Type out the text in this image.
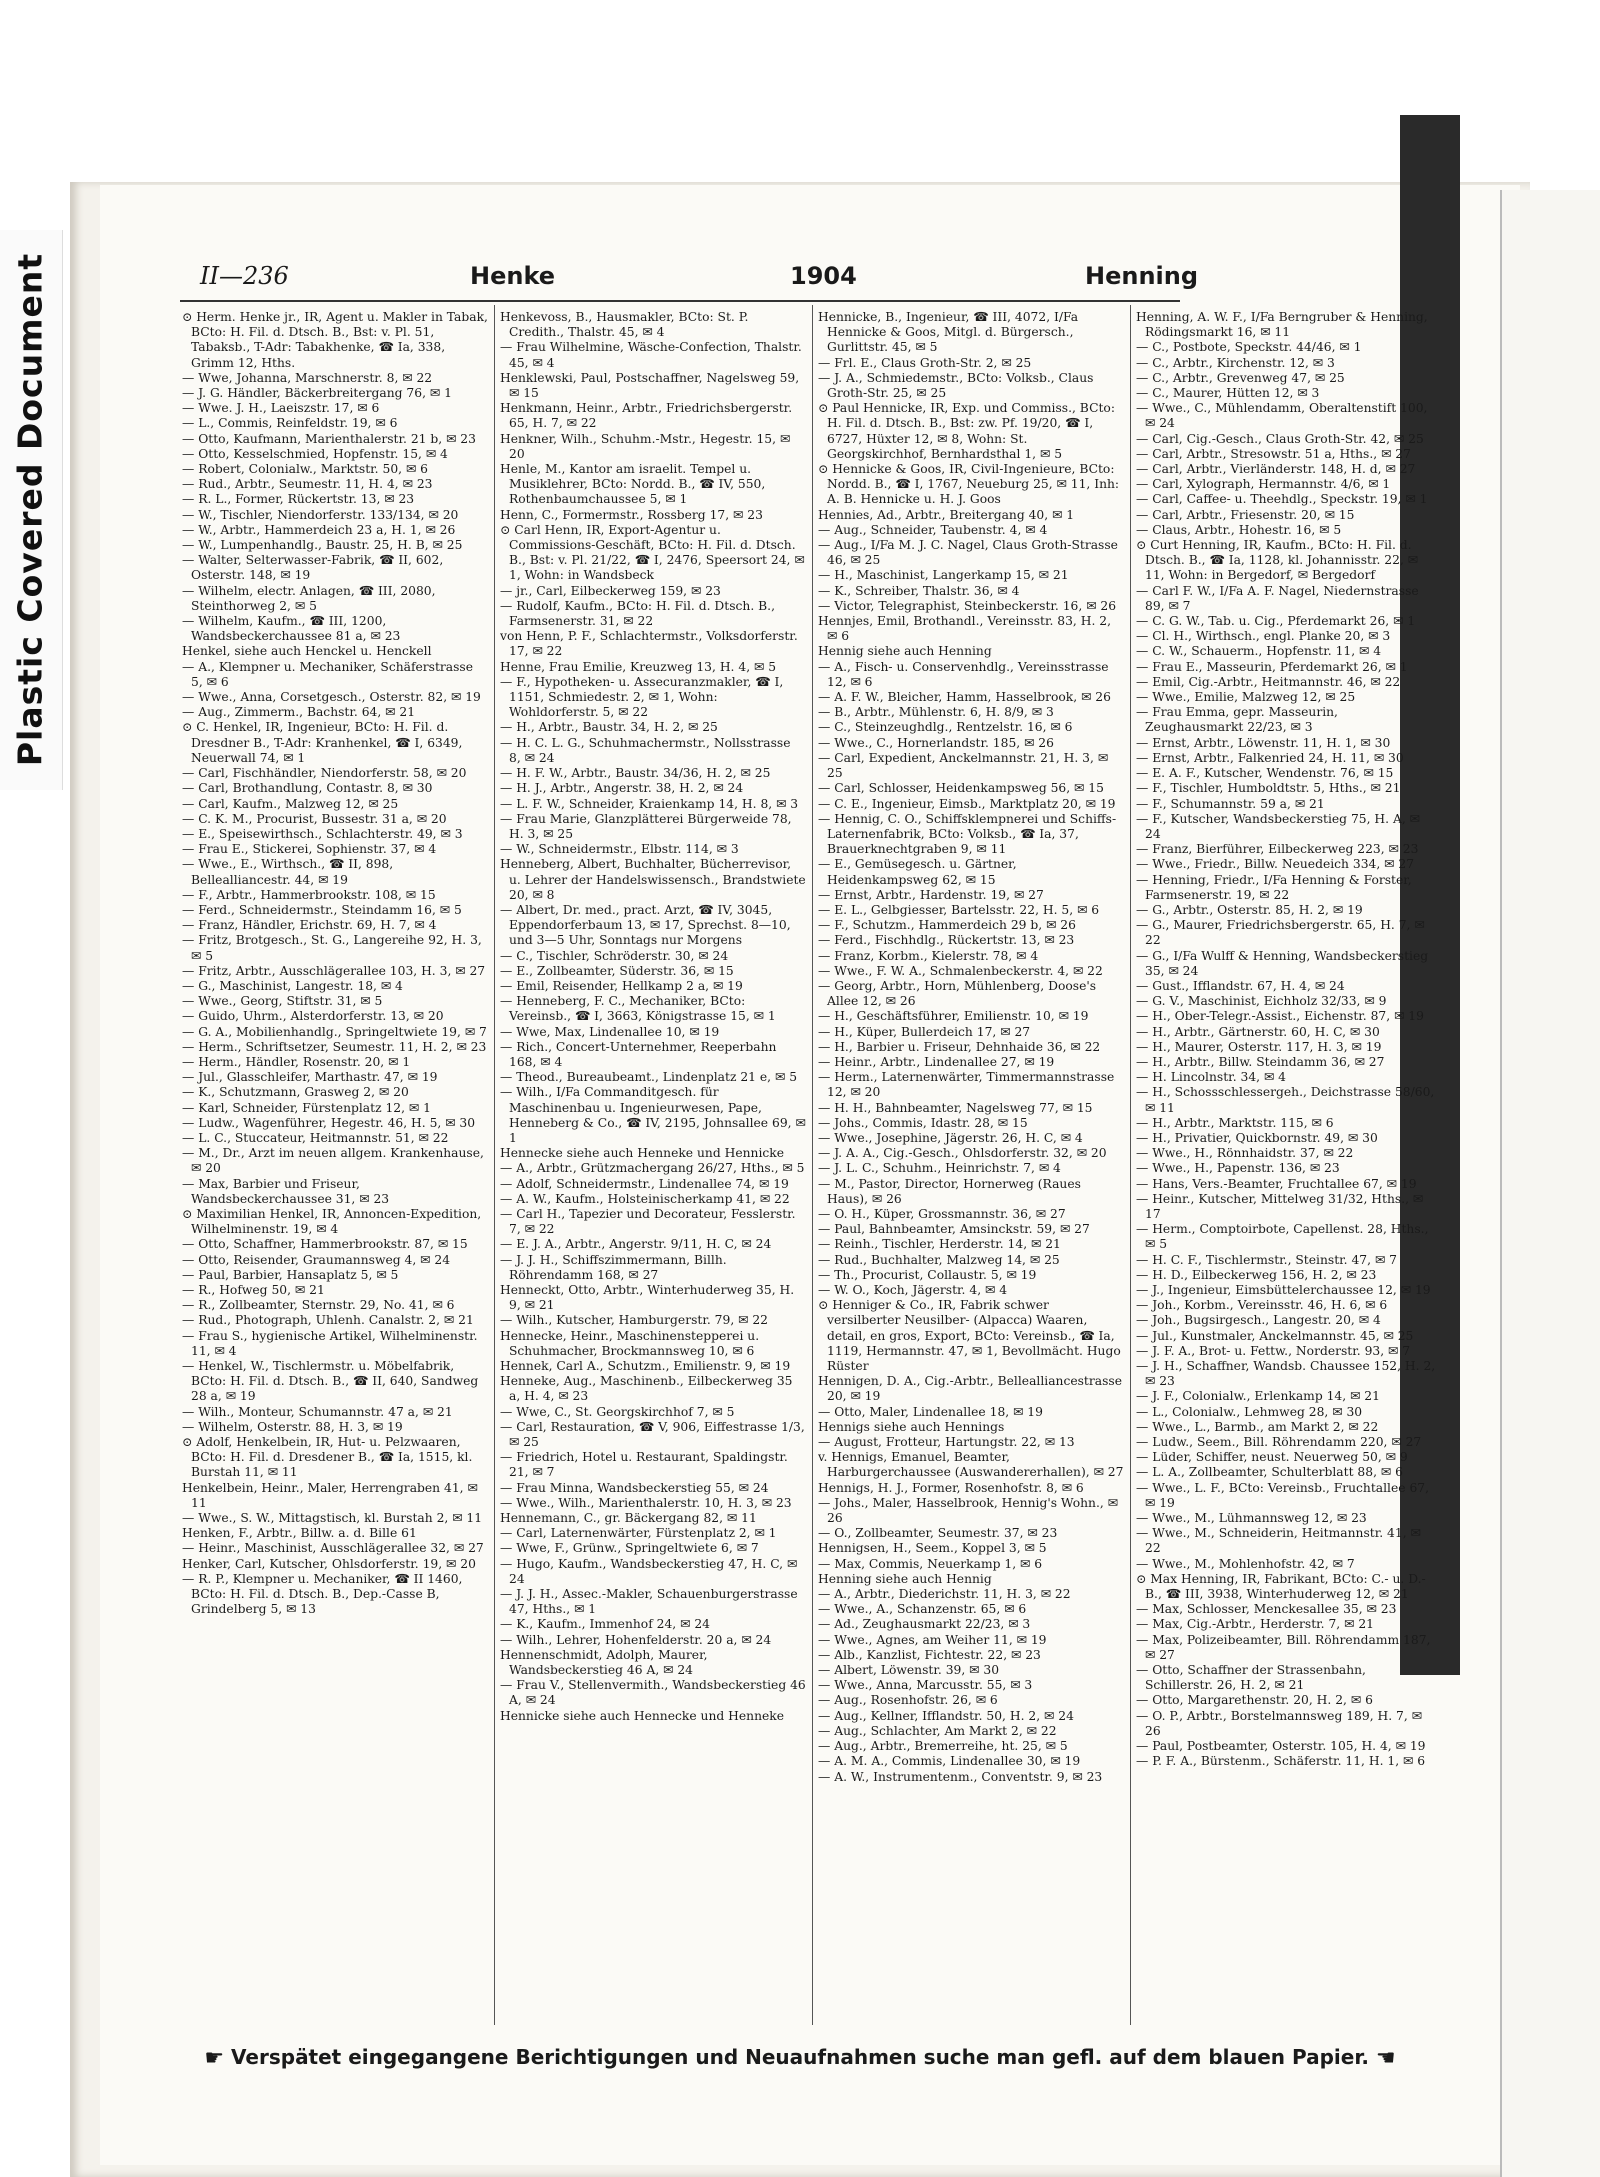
Plastic Covered Document	II—236	Henke	1904	Henning

⊙ Herm. Henke jr., IR, Agent u. Makler in Tabak, BCto: H. Fil. d. Dtsch. B., Bst: v. Pl. 51, Tabaksb., T-Adr: Tabakhenke, ☎ Ia, 338, Grimm 12, Hths.

— Wwe, Johanna, Marschnerstr. 8, ✉ 22

— J. G. Händler, Bäckerbreitergang 76, ✉ 1

— Wwe. J. H., Laeiszstr. 17, ✉ 6

— L., Commis, Reinfeldstr. 19, ✉ 6

— Otto, Kaufmann, Marienthalerstr. 21 b, ✉ 23

— Otto, Kesselschmied, Hopfenstr. 15, ✉ 4

— Robert, Colonialw., Marktstr. 50, ✉ 6

— Rud., Arbtr., Seumestr. 11, H. 4, ✉ 23

— R. L., Former, Rückertstr. 13, ✉ 23

— W., Tischler, Niendorferstr. 133/134, ✉ 20

— W., Arbtr., Hammerdeich 23 a, H. 1, ✉ 26

— W., Lumpenhandlg., Baustr. 25, H. B, ✉ 25

— Walter, Selterwasser-Fabrik, ☎ II, 602, Osterstr. 148, ✉ 19

— Wilhelm, electr. Anlagen, ☎ III, 2080, Steinthorweg 2, ✉ 5

— Wilhelm, Kaufm., ☎ III, 1200, Wandsbeckerchaussee 81 a, ✉ 23

Henkel, siehe auch Henckel u. Henckell

— A., Klempner u. Mechaniker, Schäferstrasse 5, ✉ 6

— Wwe., Anna, Corsetgesch., Osterstr. 82, ✉ 19

— Aug., Zimmerm., Bachstr. 64, ✉ 21

⊙ C. Henkel, IR, Ingenieur, BCto: H. Fil. d. Dresdner B., T-Adr: Kranhenkel, ☎ I, 6349, Neuerwall 74, ✉ 1

— Carl, Fischhändler, Niendorferstr. 58, ✉ 20

— Carl, Brothandlung, Contastr. 8, ✉ 30

— Carl, Kaufm., Malzweg 12, ✉ 25

— C. K. M., Procurist, Bussestr. 31 a, ✉ 20

— E., Speisewirthsch., Schlachterstr. 49, ✉ 3

— Frau E., Stickerei, Sophienstr. 37, ✉ 4

— Wwe., E., Wirthsch., ☎ II, 898, Bellealliancestr. 44, ✉ 19

— F., Arbtr., Hammerbrookstr. 108, ✉ 15

— Ferd., Schneidermstr., Steindamm 16, ✉ 5

— Franz, Händler, Erichstr. 69, H. 7, ✉ 4

— Fritz, Brotgesch., St. G., Langereihe 92, H. 3, ✉ 5

— Fritz, Arbtr., Ausschlägerallee 103, H. 3, ✉ 27

— G., Maschinist, Langestr. 18, ✉ 4

— Wwe., Georg, Stiftstr. 31, ✉ 5

— Guido, Uhrm., Alsterdorferstr. 13, ✉ 20

— G. A., Mobilienhandlg., Springeltwiete 19, ✉ 7

— Herm., Schriftsetzer, Seumestr. 11, H. 2, ✉ 23

— Herm., Händler, Rosenstr. 20, ✉ 1

— Jul., Glasschleifer, Marthastr. 47, ✉ 19

— K., Schutzmann, Grasweg 2, ✉ 20

— Karl, Schneider, Fürstenplatz 12, ✉ 1

— Ludw., Wagenführer, Hegestr. 46, H. 5, ✉ 30

— L. C., Stuccateur, Heitmannstr. 51, ✉ 22

— M., Dr., Arzt im neuen allgem. Krankenhause, ✉ 20

— Max, Barbier und Friseur, Wandsbeckerchaussee 31, ✉ 23

⊙ Maximilian Henkel, IR, Annoncen-Expedition, Wilhelminenstr. 19, ✉ 4

— Otto, Schaffner, Hammerbrookstr. 87, ✉ 15

— Otto, Reisender, Graumannsweg 4, ✉ 24

— Paul, Barbier, Hansaplatz 5, ✉ 5

— R., Hofweg 50, ✉ 21

— R., Zollbeamter, Sternstr. 29, No. 41, ✉ 6

— Rud., Photograph, Uhlenh. Canalstr. 2, ✉ 21

— Frau S., hygienische Artikel, Wilhelminenstr. 11, ✉ 4

— Henkel, W., Tischlermstr. u. Möbelfabrik, BCto: H. Fil. d. Dtsch. B., ☎ II, 640, Sandweg 28 a, ✉ 19

— Wilh., Monteur, Schumannstr. 47 a, ✉ 21

— Wilhelm, Osterstr. 88, H. 3, ✉ 19

⊙ Adolf, Henkelbein, IR, Hut- u. Pelzwaaren, BCto: H. Fil. d. Dresdener B., ☎ Ia, 1515, kl. Burstah 11, ✉ 11

Henkelbein, Heinr., Maler, Herrengraben 41, ✉ 11

— Wwe., S. W., Mittagstisch, kl. Burstah 2, ✉ 11

Henken, F., Arbtr., Billw. a. d. Bille 61

— Heinr., Maschinist, Ausschlägerallee 32, ✉ 27

Henker, Carl, Kutscher, Ohlsdorferstr. 19, ✉ 20

— R. P., Klempner u. Mechaniker, ☎ II 1460, BCto: H. Fil. d. Dtsch. B., Dep.-Casse B, Grindelberg 5, ✉ 13

Henkevoss, B., Hausmakler, BCto: St. P. Credith., Thalstr. 45, ✉ 4

— Frau Wilhelmine, Wäsche-Confection, Thalstr. 45, ✉ 4

Henklewski, Paul, Postschaffner, Nagelsweg 59, ✉ 15

Henkmann, Heinr., Arbtr., Friedrichsbergerstr. 65, H. 7, ✉ 22

Henkner, Wilh., Schuhm.-Mstr., Hegestr. 15, ✉ 20

Henle, M., Kantor am israelit. Tempel u. Musiklehrer, BCto: Nordd. B., ☎ IV, 550, Rothenbaumchaussee 5, ✉ 1

Henn, C., Formermstr., Rossberg 17, ✉ 23

⊙ Carl Henn, IR, Export-Agentur u. Commissions-Geschäft, BCto: H. Fil. d. Dtsch. B., Bst: v. Pl. 21/22, ☎ I, 2476, Speersort 24, ✉ 1, Wohn: in Wandsbeck

— jr., Carl, Eilbeckerweg 159, ✉ 23

— Rudolf, Kaufm., BCto: H. Fil. d. Dtsch. B., Farmsenerstr. 31, ✉ 22

von Henn, P. F., Schlachtermstr., Volksdorferstr. 17, ✉ 22

Henne, Frau Emilie, Kreuzweg 13, H. 4, ✉ 5

— F., Hypotheken- u. Assecuranzmakler, ☎ I, 1151, Schmiedestr. 2, ✉ 1, Wohn: Wohldorferstr. 5, ✉ 22

— H., Arbtr., Baustr. 34, H. 2, ✉ 25

— H. C. L. G., Schuhmachermstr., Nollsstrasse 8, ✉ 24

— H. F. W., Arbtr., Baustr. 34/36, H. 2, ✉ 25

— H. J., Arbtr., Angerstr. 38, H. 2, ✉ 24

— L. F. W., Schneider, Kraienkamp 14, H. 8, ✉ 3

— Frau Marie, Glanzplätterei Bürgerweide 78, H. 3, ✉ 25

— W., Schneidermstr., Elbstr. 114, ✉ 3

Henneberg, Albert, Buchhalter, Bücherrevisor, u. Lehrer der Handelswissensch., Brandstwiete 20, ✉ 8

— Albert, Dr. med., pract. Arzt, ☎ IV, 3045, Eppendorferbaum 13, ✉ 17, Sprechst. 8—10, und 3—5 Uhr, Sonntags nur Morgens

— C., Tischler, Schröderstr. 30, ✉ 24

— E., Zollbeamter, Süderstr. 36, ✉ 15

— Emil, Reisender, Hellkamp 2 a, ✉ 19

— Henneberg, F. C., Mechaniker, BCto: Vereinsb., ☎ I, 3663, Königstrasse 15, ✉ 1

— Wwe, Max, Lindenallee 10, ✉ 19

— Rich., Concert-Unternehmer, Reeperbahn 168, ✉ 4

— Theod., Bureaubeamt., Lindenplatz 21 e, ✉ 5

— Wilh., I/Fa Commanditgesch. für Maschinenbau u. Ingenieurwesen, Pape, Henneberg & Co., ☎ IV, 2195, Johnsallee 69, ✉ 1

Hennecke siehe auch Henneke und Hennicke

— A., Arbtr., Grützmachergang 26/27, Hths., ✉ 5

— Adolf, Schneidermstr., Lindenallee 74, ✉ 19

— A. W., Kaufm., Holsteinischerkamp 41, ✉ 22

— Carl H., Tapezier und Decorateur, Fesslerstr. 7, ✉ 22

— E. J. A., Arbtr., Angerstr. 9/11, H. C, ✉ 24

— J. J. H., Schiffszimmermann, Billh. Röhrendamm 168, ✉ 27

Henneckt, Otto, Arbtr., Winterhuderweg 35, H. 9, ✉ 21

— Wilh., Kutscher, Hamburgerstr. 79, ✉ 22

Hennecke, Heinr., Maschinenstepperei u. Schuhmacher, Brockmannsweg 10, ✉ 6

Hennek, Carl A., Schutzm., Emilienstr. 9, ✉ 19

Henneke, Aug., Maschinenb., Eilbeckerweg 35 a, H. 4, ✉ 23

— Wwe, C., St. Georgskirchhof 7, ✉ 5

— Carl, Restauration, ☎ V, 906, Eiffestrasse 1/3, ✉ 25

— Friedrich, Hotel u. Restaurant, Spaldingstr. 21, ✉ 7

— Frau Minna, Wandsbeckerstieg 55, ✉ 24

— Wwe., Wilh., Marienthalerstr. 10, H. 3, ✉ 23

Hennemann, C., gr. Bäckergang 82, ✉ 11

— Carl, Laternenwärter, Fürstenplatz 2, ✉ 1

— Wwe, F., Grünw., Springeltwiete 6, ✉ 7

— Hugo, Kaufm., Wandsbeckerstieg 47, H. C, ✉ 24

— J. J. H., Assec.-Makler, Schauenburgerstrasse 47, Hths., ✉ 1

— K., Kaufm., Immenhof 24, ✉ 24

— Wilh., Lehrer, Hohenfelderstr. 20 a, ✉ 24

Hennenschmidt, Adolph, Maurer, Wandsbeckerstieg 46 A, ✉ 24

— Frau V., Stellenvermith., Wandsbeckerstieg 46 A, ✉ 24

Hennicke siehe auch Hennecke und Henneke

Hennicke, B., Ingenieur, ☎ III, 4072, I/Fa Hennicke & Goos, Mitgl. d. Bürgersch., Gurlittstr. 45, ✉ 5

— Frl. E., Claus Groth-Str. 2, ✉ 25

— J. A., Schmiedemstr., BCto: Volksb., Claus Groth-Str. 25, ✉ 25

⊙ Paul Hennicke, IR, Exp. und Commiss., BCto: H. Fil. d. Dtsch. B., Bst: zw. Pf. 19/20, ☎ I, 6727, Hüxter 12, ✉ 8, Wohn: St. Georgskirchhof, Bernhardsthal 1, ✉ 5

⊙ Hennicke & Goos, IR, Civil-Ingenieure, BCto: Nordd. B., ☎ I, 1767, Neueburg 25, ✉ 11, Inh: A. B. Hennicke u. H. J. Goos

Hennies, Ad., Arbtr., Breitergang 40, ✉ 1

— Aug., Schneider, Taubenstr. 4, ✉ 4

— Aug., I/Fa M. J. C. Nagel, Claus Groth-Strasse 46, ✉ 25

— H., Maschinist, Langerkamp 15, ✉ 21

— K., Schreiber, Thalstr. 36, ✉ 4

— Victor, Telegraphist, Steinbeckerstr. 16, ✉ 26

Hennjes, Emil, Brothandl., Vereinsstr. 83, H. 2, ✉ 6

Hennig siehe auch Henning

— A., Fisch- u. Conservenhdlg., Vereinsstrasse 12, ✉ 6

— A. F. W., Bleicher, Hamm, Hasselbrook, ✉ 26

— B., Arbtr., Mühlenstr. 6, H. 8/9, ✉ 3

— C., Steinzeughdlg., Rentzelstr. 16, ✉ 6

— Wwe., C., Hornerlandstr. 185, ✉ 26

— Carl, Expedient, Anckelmannstr. 21, H. 3, ✉ 25

— Carl, Schlosser, Heidenkampsweg 56, ✉ 15

— C. E., Ingenieur, Eimsb., Marktplatz 20, ✉ 19

— Hennig, C. O., Schiffsklempnerei und Schiffs-Laternenfabrik, BCto: Volksb., ☎ Ia, 37, Brauerknechtgraben 9, ✉ 11

— E., Gemüsegesch. u. Gärtner, Heidenkampsweg 62, ✉ 15

— Ernst, Arbtr., Hardenstr. 19, ✉ 27

— E. L., Gelbgiesser, Bartelsstr. 22, H. 5, ✉ 6

— F., Schutzm., Hammerdeich 29 b, ✉ 26

— Ferd., Fischhdlg., Rückertstr. 13, ✉ 23

— Franz, Korbm., Kielerstr. 78, ✉ 4

— Wwe., F. W. A., Schmalenbeckerstr. 4, ✉ 22

— Georg, Arbtr., Horn, Mühlenberg, Doose's Allee 12, ✉ 26

— H., Geschäftsführer, Emilienstr. 10, ✉ 19

— H., Küper, Bullerdeich 17, ✉ 27

— H., Barbier u. Friseur, Dehnhaide 36, ✉ 22

— Heinr., Arbtr., Lindenallee 27, ✉ 19

— Herm., Laternenwärter, Timmermannstrasse 12, ✉ 20

— H. H., Bahnbeamter, Nagelsweg 77, ✉ 15

— Johs., Commis, Idastr. 28, ✉ 15

— Wwe., Josephine, Jägerstr. 26, H. C, ✉ 4

— J. A. A., Cig.-Gesch., Ohlsdorferstr. 32, ✉ 20

— J. L. C., Schuhm., Heinrichstr. 7, ✉ 4

— M., Pastor, Director, Hornerweg (Raues Haus), ✉ 26

— O. H., Küper, Grossmannstr. 36, ✉ 27

— Paul, Bahnbeamter, Amsinckstr. 59, ✉ 27

— Reinh., Tischler, Herderstr. 14, ✉ 21

— Rud., Buchhalter, Malzweg 14, ✉ 25

— Th., Procurist, Collaustr. 5, ✉ 19

— W. O., Koch, Jägerstr. 4, ✉ 4

⊙ Henniger & Co., IR, Fabrik schwer versilberter Neusilber- (Alpacca) Waaren, detail, en gros, Export, BCto: Vereinsb., ☎ Ia, 1119, Hermannstr. 47, ✉ 1, Bevollmächt. Hugo Rüster

Hennigen, D. A., Cig.-Arbtr., Bellealliancestrasse 20, ✉ 19

— Otto, Maler, Lindenallee 18, ✉ 19

Hennigs siehe auch Hennings

— August, Frotteur, Hartungstr. 22, ✉ 13

v. Hennigs, Emanuel, Beamter, Harburgerchaussee (Auswandererhallen), ✉ 27

Hennigs, H. J., Former, Rosenhofstr. 8, ✉ 6

— Johs., Maler, Hasselbrook, Hennig's Wohn., ✉ 26

— O., Zollbeamter, Seumestr. 37, ✉ 23

Hennigsen, H., Seem., Koppel 3, ✉ 5

— Max, Commis, Neuerkamp 1, ✉ 6

Henning siehe auch Hennig

— A., Arbtr., Diederichstr. 11, H. 3, ✉ 22

— Wwe., A., Schanzenstr. 65, ✉ 6

— Ad., Zeughausmarkt 22/23, ✉ 3

— Wwe., Agnes, am Weiher 11, ✉ 19

— Alb., Kanzlist, Fichtestr. 22, ✉ 23

— Albert, Löwenstr. 39, ✉ 30

— Wwe., Anna, Marcusstr. 55, ✉ 3

— Aug., Rosenhofstr. 26, ✉ 6

— Aug., Kellner, Ifflandstr. 50, H. 2, ✉ 24

— Aug., Schlachter, Am Markt 2, ✉ 22

— Aug., Arbtr., Bremerreihe, ht. 25, ✉ 5

— A. M. A., Commis, Lindenallee 30, ✉ 19

— A. W., Instrumentenm., Conventstr. 9, ✉ 23

Henning, A. W. F., I/Fa Berngruber & Henning, Rödingsmarkt 16, ✉ 11

— C., Postbote, Speckstr. 44/46, ✉ 1

— C., Arbtr., Kirchenstr. 12, ✉ 3

— C., Arbtr., Grevenweg 47, ✉ 25

— C., Maurer, Hütten 12, ✉ 3

— Wwe., C., Mühlendamm, Oberaltenstift 100, ✉ 24

— Carl, Cig.-Gesch., Claus Groth-Str. 42, ✉ 25

— Carl, Arbtr., Stresowstr. 51 a, Hths., ✉ 27

— Carl, Arbtr., Vierländerstr. 148, H. d, ✉ 27

— Carl, Xylograph, Hermannstr. 4/6, ✉ 1

— Carl, Caffee- u. Theehdlg., Speckstr. 19, ✉ 1

— Carl, Arbtr., Friesenstr. 20, ✉ 15

— Claus, Arbtr., Hohestr. 16, ✉ 5

⊙ Curt Henning, IR, Kaufm., BCto: H. Fil. d. Dtsch. B., ☎ Ia, 1128, kl. Johannisstr. 22, ✉ 11, Wohn: in Bergedorf, ✉ Bergedorf

— Carl F. W., I/Fa A. F. Nagel, Niedernstrasse 89, ✉ 7

— C. G. W., Tab. u. Cig., Pferdemarkt 26, ✉ 1

— Cl. H., Wirthsch., engl. Planke 20, ✉ 3

— C. W., Schauerm., Hopfenstr. 11, ✉ 4

— Frau E., Masseurin, Pferdemarkt 26, ✉ 1

— Emil, Cig.-Arbtr., Heitmannstr. 46, ✉ 22

— Wwe., Emilie, Malzweg 12, ✉ 25

— Frau Emma, gepr. Masseurin, Zeughausmarkt 22/23, ✉ 3

— Ernst, Arbtr., Löwenstr. 11, H. 1, ✉ 30

— Ernst, Arbtr., Falkenried 24, H. 11, ✉ 30

— E. A. F., Kutscher, Wendenstr. 76, ✉ 15

— F., Tischler, Humboldtstr. 5, Hths., ✉ 21

— F., Schumannstr. 59 a, ✉ 21

— F., Kutscher, Wandsbeckerstieg 75, H. A, ✉ 24

— Franz, Bierführer, Eilbeckerweg 223, ✉ 23

— Wwe., Friedr., Billw. Neuedeich 334, ✉ 27

— Henning, Friedr., I/Fa Henning & Forster, Farmsenerstr. 19, ✉ 22

— G., Arbtr., Osterstr. 85, H. 2, ✉ 19

— G., Maurer, Friedrichsbergerstr. 65, H. 7, ✉ 22

— G., I/Fa Wulff & Henning, Wandsbeckerstieg 35, ✉ 24

— Gust., Ifflandstr. 67, H. 4, ✉ 24

— G. V., Maschinist, Eichholz 32/33, ✉ 9

— H., Ober-Telegr.-Assist., Eichenstr. 87, ✉ 19

— H., Arbtr., Gärtnerstr. 60, H. C, ✉ 30

— H., Maurer, Osterstr. 117, H. 3, ✉ 19

— H., Arbtr., Billw. Steindamm 36, ✉ 27

— H. Lincolnstr. 34, ✉ 4

— H., Schossschlessergeh., Deichstrasse 58/60, ✉ 11

— H., Arbtr., Marktstr. 115, ✉ 6

— H., Privatier, Quickbornstr. 49, ✉ 30

— Wwe., H., Rönnhaidstr. 37, ✉ 22

— Wwe., H., Papenstr. 136, ✉ 23

— Hans, Vers.-Beamter, Fruchtallee 67, ✉ 19

— Heinr., Kutscher, Mittelweg 31/32, Hths., ✉ 17

— Herm., Comptoirbote, Capellenst. 28, Hths., ✉ 5

— H. C. F., Tischlermstr., Steinstr. 47, ✉ 7

— H. D., Eilbeckerweg 156, H. 2, ✉ 23

— J., Ingenieur, Eimsbüttelerchaussee 12, ✉ 19

— Joh., Korbm., Vereinsstr. 46, H. 6, ✉ 6

— Joh., Bugsirgesch., Langestr. 20, ✉ 4

— Jul., Kunstmaler, Anckelmannstr. 45, ✉ 25

— J. F. A., Brot- u. Fettw., Norderstr. 93, ✉ 7

— J. H., Schaffner, Wandsb. Chaussee 152, H. 2, ✉ 23

— J. F., Colonialw., Erlenkamp 14, ✉ 21

— L., Colonialw., Lehmweg 28, ✉ 30

— Wwe., L., Barmb., am Markt 2, ✉ 22

— Ludw., Seem., Bill. Röhrendamm 220, ✉ 27

— Lüder, Schiffer, neust. Neuerweg 50, ✉ 9

— L. A., Zollbeamter, Schulterblatt 88, ✉ 6

— Wwe., L. F., BCto: Vereinsb., Fruchtallee 67, ✉ 19

— Wwe., M., Lühmannsweg 12, ✉ 23

— Wwe., M., Schneiderin, Heitmannstr. 41, ✉ 22

— Wwe., M., Mohlenhofstr. 42, ✉ 7

⊙ Max Henning, IR, Fabrikant, BCto: C.- u. D.-B., ☎ III, 3938, Winterhuderweg 12, ✉ 21

— Max, Schlosser, Menckesallee 35, ✉ 23

— Max, Cig.-Arbtr., Herderstr. 7, ✉ 21

— Max, Polizeibeamter, Bill. Röhrendamm 187, ✉ 27

— Otto, Schaffner der Strassenbahn, Schillerstr. 26, H. 2, ✉ 21

— Otto, Margarethenstr. 20, H. 2, ✉ 6

— O. P., Arbtr., Borstelmannsweg 189, H. 7, ✉ 26

— Paul, Postbeamter, Osterstr. 105, H. 4, ✉ 19

— P. F. A., Bürstenm., Schäferstr. 11, H. 1, ✉ 6

☛ Verspätet eingegangene Berichtigungen und Neuaufnahmen suche man gefl. auf dem blauen Papier. ☚
